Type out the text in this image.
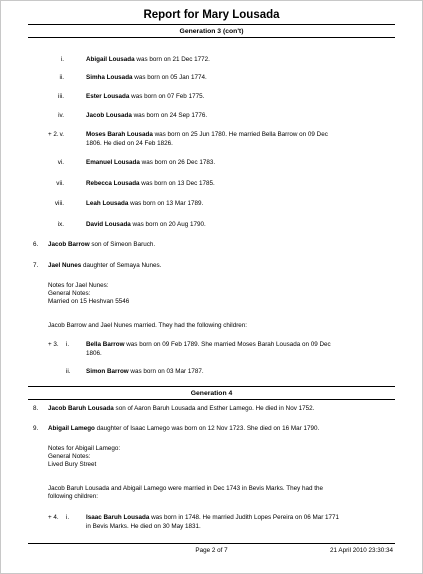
Report for Mary Lousada
Generation 3 (con't)
i.	Abigail Lousada was born on 21 Dec 1772.
ii.	Simha Lousada was born on 05 Jan 1774.
iii.	Ester Lousada was born on 07 Feb 1775.
iv.	Jacob Lousada was born on 24 Sep 1776.
+ 2. v.	Moses Barah Lousada was born on 25 Jun 1780. He married Bella Barrow on 09 Dec
1806. He died on 24 Feb 1826.
vi.	Emanuel Lousada was born on 26 Dec 1783.
vii.	Rebecca Lousada was born on 13 Dec 1785.
viii.	Leah Lousada was born on 13 Mar 1789.
ix.	David Lousada was born on 20 Aug 1790.
6. Jacob Barrow son of Simeon Baruch.
7. Jael Nunes daughter of Semaya Nunes.
Notes for Jael Nunes:
General Notes:
Married on 15 Heshvan 5546
Jacob Barrow and Jael Nunes married. They had the following children:
+ 3. i.	Bella Barrow was born on 09 Feb 1789. She married Moses Barah Lousada on 09 Dec
1806.
ii. Simon Barrow was born on 03 Mar 1787.
Generation 4
8. Jacob Baruh Lousada son of Aaron Baruh Lousada and Esther Lamego. He died in Nov 1752.
9. Abigail Lamego daughter of Isaac Lamego was born on 12 Nov 1723. She died on 16 Mar 1790.
Notes for Abigail Lamego:
General Notes:
Lived Bury Street
Jacob Baruh Lousada and Abigail Lamego were married in Dec 1743 in Bevis Marks. They had the
following children:
+ 4. i.	Isaac Baruh Lousada was born in 1748. He married Judith Lopes Pereira on 06 Mar 1771
in Bevis Marks. He died on 30 May 1831.
Page 2 of 7	21 April 2010 23:30:34
